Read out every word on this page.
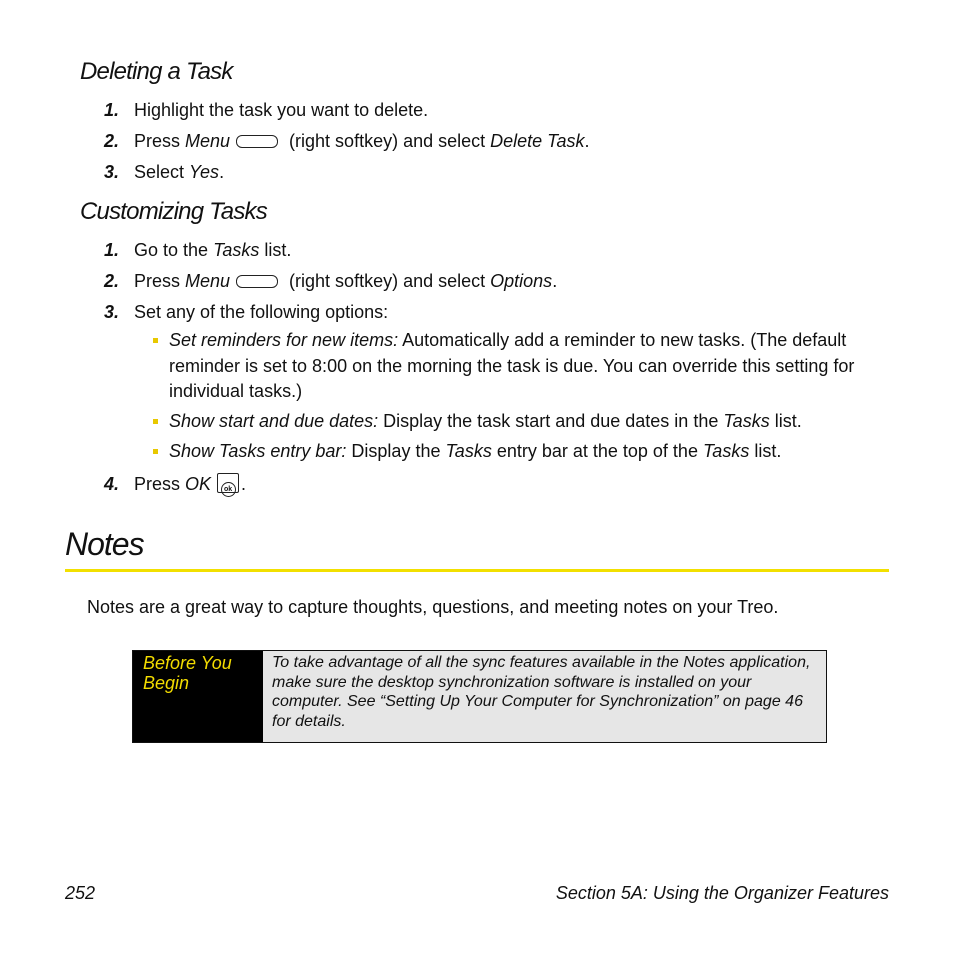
Deleting a Task
1. Highlight the task you want to delete.
2. Press Menu	(right softkey) and select Delete Task.
3. Select Yes.
Customizing Tasks
1. Go to the Tasks list.
2. Press Menu	(right softkey) and select Options.
3. Set any of the following options:
Set reminders for new items: Automatically add a reminder to new tasks. (The default reminder is set to 8:00 on the morning the task is due. You can override this setting for individual tasks.)
Show start and due dates: Display the task start and due dates in the Tasks list.
Show Tasks entry bar: Display the Tasks entry bar at the top of the Tasks list.
4. Press OK ok .
Notes
Notes are a great way to capture thoughts, questions, and meeting notes on your Treo.
Before You
Begin
To take advantage of all the sync features available in the Notes application, make sure the desktop synchronization software is installed on your computer. See “Setting Up Your Computer for Synchronization” on page 46 for details.
252	Section 5A: Using the Organizer Features
